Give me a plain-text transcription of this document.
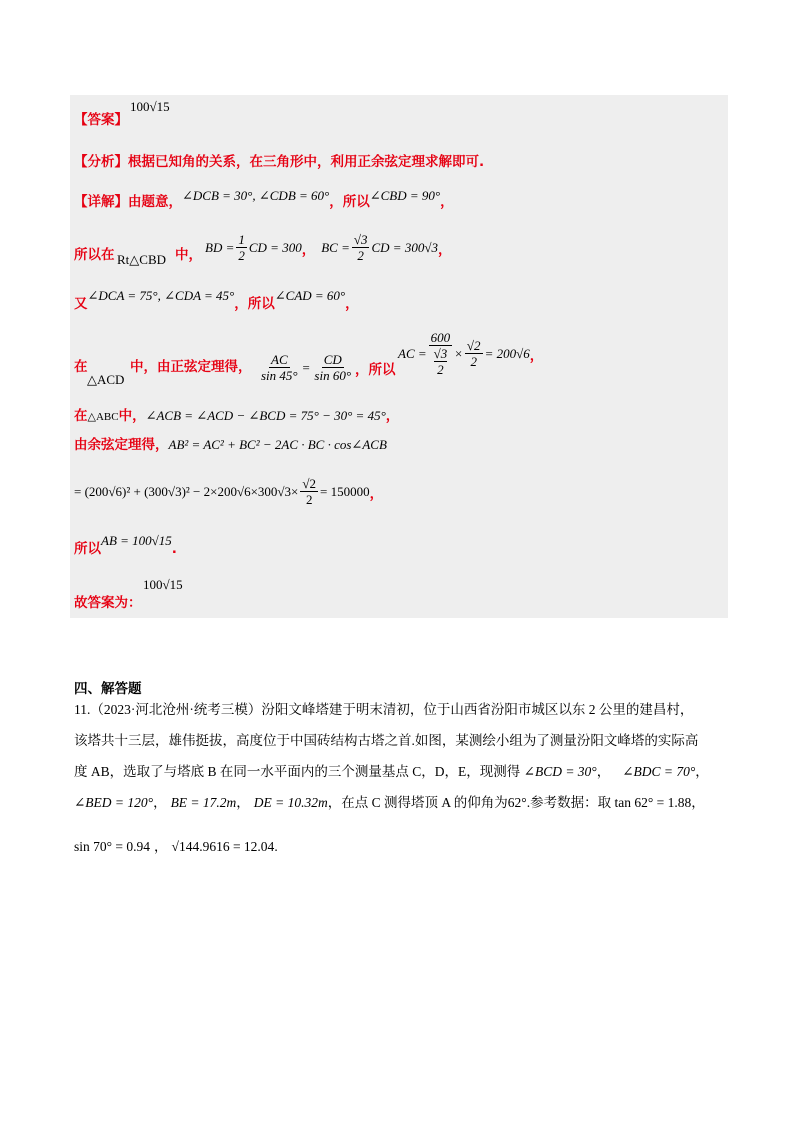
【答案】
100√15
【分析】根据已知角的关系，在三角形中，利用正余弦定理求解即可.
【详解】由题意，∠DCB = 30°, ∠CDB = 60°，所以∠CBD = 90°，
所以在 Rt△CBD 中， BD = $\frac{1}{2}$ CD = 300 ， BC = $\frac{√3}{2}$ CD = 300√3 ，
又∠DCA = 75°, ∠CDA = 45°，所以∠CAD = 60°，
在
△ACD
中，由正弦定理得， $\frac{AC}{\sin 45^\circ} = \frac{CD}{\sin 60^\circ}$ ，所以
AC = 600
√3
$2 \times \frac{√2}{2} = 200√6$ ，
在△ABC中，∠ACB = ∠ACD − ∠BCD = 75° − 30° = 45°，
由余弦定理得，AB² = AC² + BC² − 2AC · BC · cos∠ACB
= $(200√6)^2 + (300√3)^2 - 2\times 200√6\times 300√3\times \frac{√2}{2} = 150000$ ，
所以AB = 100√15.
故答案为：
100√15
四、解答题
11.（2023·河北沧州·统考三模）汾阳文峰塔建于明末清初，位于山西省汾阳市城区以东 2 公里的建昌村，
该塔共十三层，雄伟挺拔，高度位于中国砖结构古塔之首.如图，某测绘小组为了测量汾阳文峰塔的实际高
度 AB，选取了与塔底 B 在同一水平面内的三个测量基点 C，D，E，现测得 ∠BCD = 30°， ∠BDC = 70°，
∠BED = 120°， BE = 17.2m， DE = 10.32m，在点 C 测得塔顶 A 的仰角为62°.参考数据：取 tan 62° = 1.88，
sin 70° = 0.94 ， √144.9616 = 12.04.
